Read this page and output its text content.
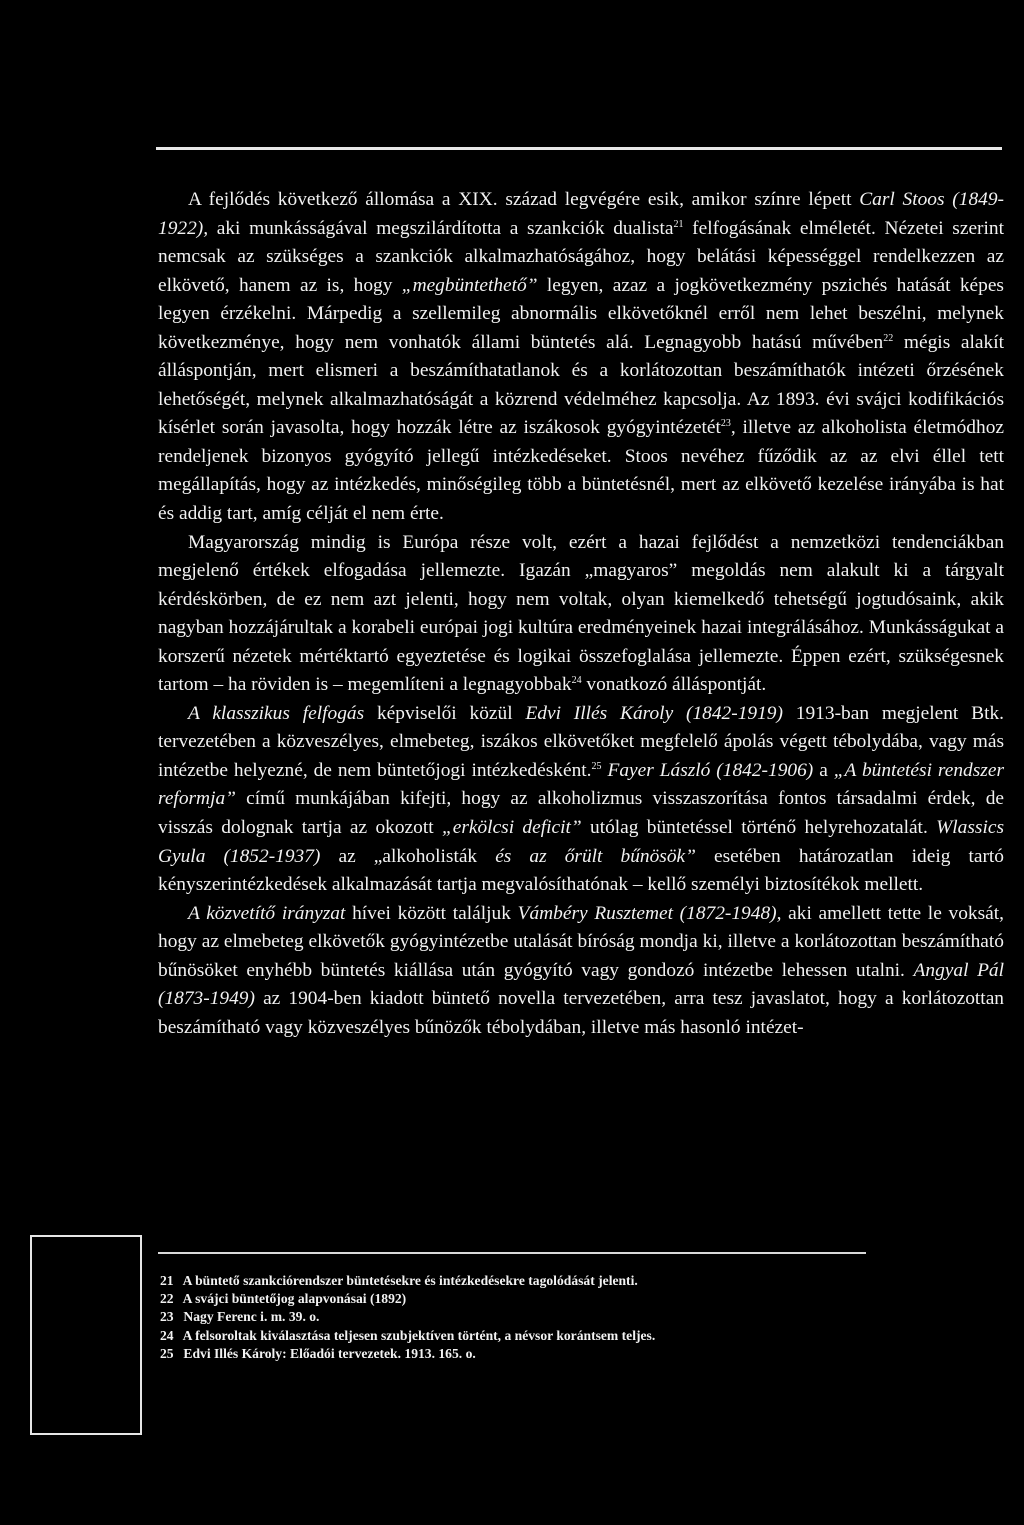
A fejlődés következő állomása a XIX. század legvégére esik, amikor színre lépett Carl Stoos (1849-1922), aki munkásságával megszilárdította a szankciók dualista$^{21}$ felfogásának elméletét. Nézetei szerint nemcsak az szükséges a szankciók alkalmazhatóságához, hogy belátási képességgel rendelkezzen az elkövető, hanem az is, hogy „megbüntethető” legyen, azaz a jogkövetkezmény pszichés hatását képes legyen érzékelni. Márpedig a szellemileg abnormális elkövetőknél erről nem lehet beszélni, melynek következménye, hogy nem vonhatók állami büntetés alá. Legnagyobb hatású művében$^{22}$ mégis alakít álláspontján, mert elismeri a beszámíthatatlanok és a korlátozottan beszámíthatók intézeti őrzésének lehetőségét, melynek alkalmazhatóságát a közrend védelméhez kapcsolja. Az 1893. évi svájci kodifikációs kísérlet során javasolta, hogy hozzák létre az iszákosok gyógyintézetét$^{23}$, illetve az alkoholista életmódhoz rendeljenek bizonyos gyógyító jellegű intézkedéseket. Stoos nevéhez fűződik az az elvi éllel tett megállapítás, hogy az intézkedés, minőségileg több a büntetésnél, mert az elkövető kezelése irányába is hat és addig tart, amíg célját el nem érte.

Magyarország mindig is Európa része volt, ezért a hazai fejlődést a nemzetközi tendenciákban megjelenő értékek elfogadása jellemezte. Igazán „magyaros” megoldás nem alakult ki a tárgyalt kérdéskörben, de ez nem azt jelenti, hogy nem voltak, olyan kiemelkedő tehetségű jogtudósaink, akik nagyban hozzájárultak a korabeli európai jogi kultúra eredményeinek hazai integrálásához. Munkásságukat a korszerű nézetek mértéktartó egyeztetése és logikai összefoglalása jellemezte. Éppen ezért, szükségesnek tartom – ha röviden is – megemlíteni a legnagyobbak$^{24}$ vonatkozó álláspontját.

A klasszikus felfogás képviselői közül Edvi Illés Károly (1842-1919) 1913-ban megjelent Btk. tervezetében a közveszélyes, elmebeteg, iszákos elkövetőket megfelelő ápolás végett tébolydába, vagy más intézetbe helyezné, de nem büntetőjogi intézkedésként.$^{25}$ Fayer László (1842-1906) a „A büntetési rendszer reformja” című munkájában kifejti, hogy az alkoholizmus visszaszorítása fontos társadalmi érdek, de visszás dolognak tartja az okozott „erkölcsi deficit” utólag büntetéssel történő helyrehozatalát. Wlassics Gyula (1852-1937) az „alkoholisták és az őrült bűnösök” esetében határozatlan ideig tartó kényszerintézkedések alkalmazását tartja megvalósíthatónak – kellő személyi biztosítékok mellett.

A közvetítő irányzat hívei között találjuk Vámbéry Rusztemet (1872-1948), aki amellett tette le voksát, hogy az elmebeteg elkövetők gyógyintézetbe utalását bíróság mondja ki, illetve a korlátozottan beszámítható bűnösöket enyhébb büntetés kiállása után gyógyító vagy gondozó intézetbe lehessen utalni. Angyal Pál (1873-1949) az 1904-ben kiadott büntető novella tervezetében, arra tesz javaslatot, hogy a korlátozottan beszámítható vagy közveszélyes bűnözők tébolydában, illetve más hasonló intézet-

21 A büntető szankciórendszer büntetésekre és intézkedésekre tagolódását jelenti.
22 A svájci büntetőjog alapvonásai (1892)
23 Nagy Ferenc i. m. 39. o.
24 A felsoroltak kiválasztása teljesen szubjektíven történt, a névsor korántsem teljes.
25 Edvi Illés Károly: Előadói tervezetek. 1913. 165. o.
